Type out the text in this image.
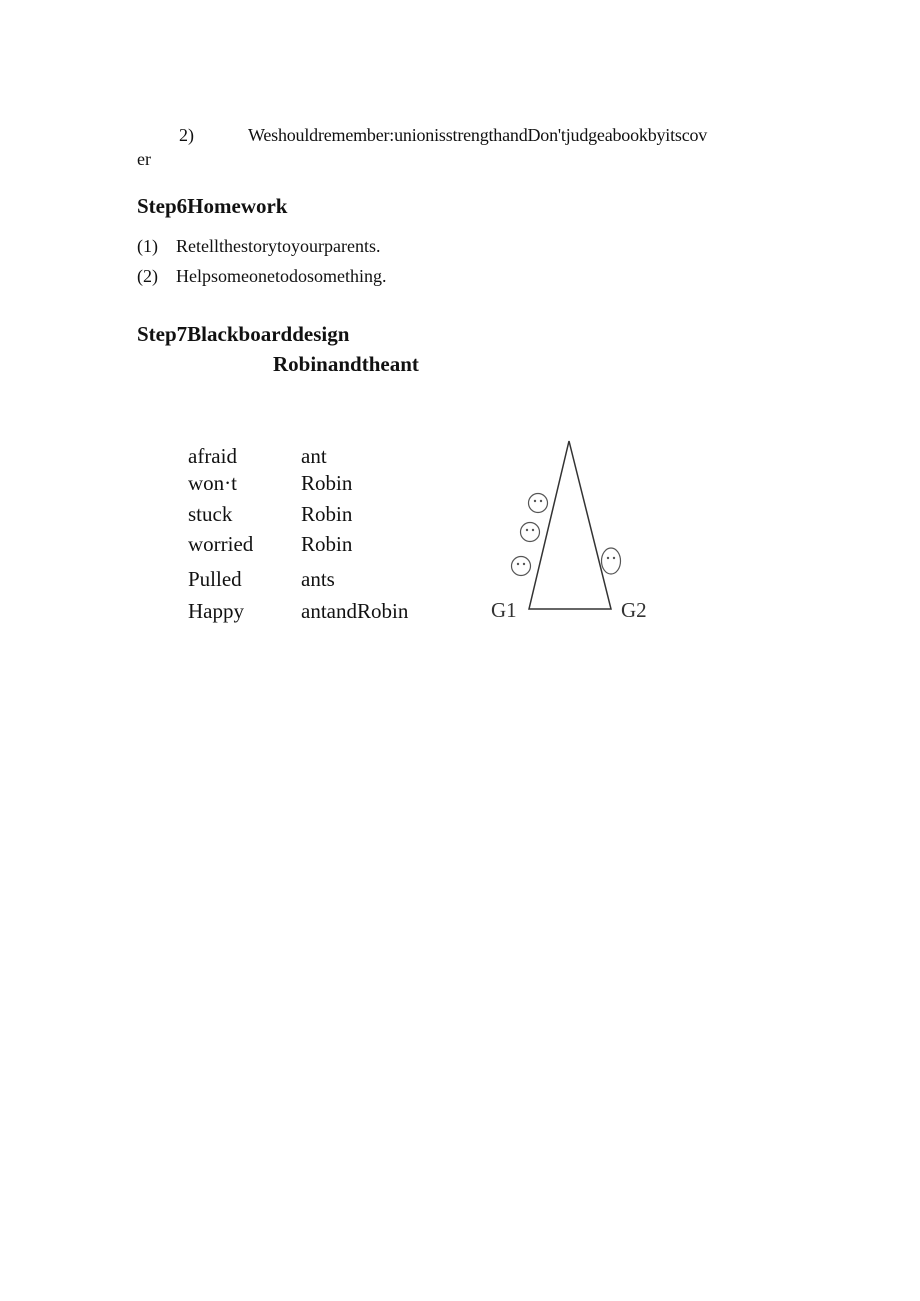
2)	Weshouldremember:unionisstrengthandDon'tjudgeabookbyitscov
er
Step6Homework
(1) Retellthestorytoyourparents.
(2) Helpsomeonetodosomething.
Step7Blackboarddesign
Robinandtheant
afraid	ant
won·t	Robin
stuck	Robin
worried Robin
Pulled	ants
Happy	antandRobin	G1	G2
